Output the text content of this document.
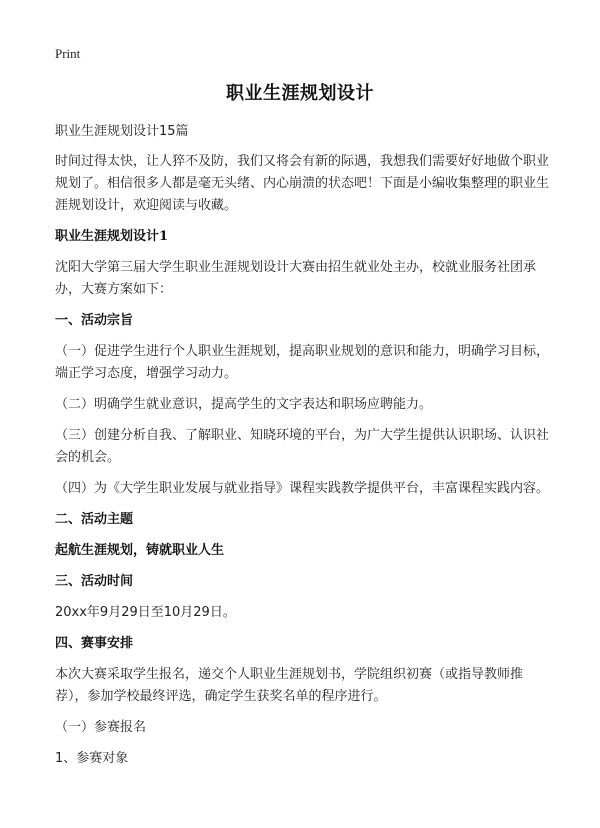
Print
职业生涯规划设计

职业生涯规划设计15篇

时间过得太快，让人猝不及防，我们又将会有新的际遇，我想我们需要好好地做个职业规划了。相信很多人都是毫无头绪、内心崩溃的状态吧！下面是小编收集整理的职业生涯规划设计，欢迎阅读与收藏。

职业生涯规划设计1

沈阳大学第三届大学生职业生涯规划设计大赛由招生就业处主办，校就业服务社团承办，大赛方案如下：

一、活动宗旨

（一）促进学生进行个人职业生涯规划，提高职业规划的意识和能力，明确学习目标，端正学习态度，增强学习动力。

（二）明确学生就业意识，提高学生的文字表达和职场应聘能力。

（三）创建分析自我、了解职业、知晓环境的平台，为广大学生提供认识职场、认识社会的机会。

（四）为《大学生职业发展与就业指导》课程实践教学提供平台，丰富课程实践内容。

二、活动主题

起航生涯规划，铸就职业人生

三、活动时间

20xx年9月29日至10月29日。

四、赛事安排

本次大赛采取学生报名，递交个人职业生涯规划书，学院组织初赛（或指导教师推荐），参加学校最终评选，确定学生获奖名单的程序进行。

（一）参赛报名

1、参赛对象
